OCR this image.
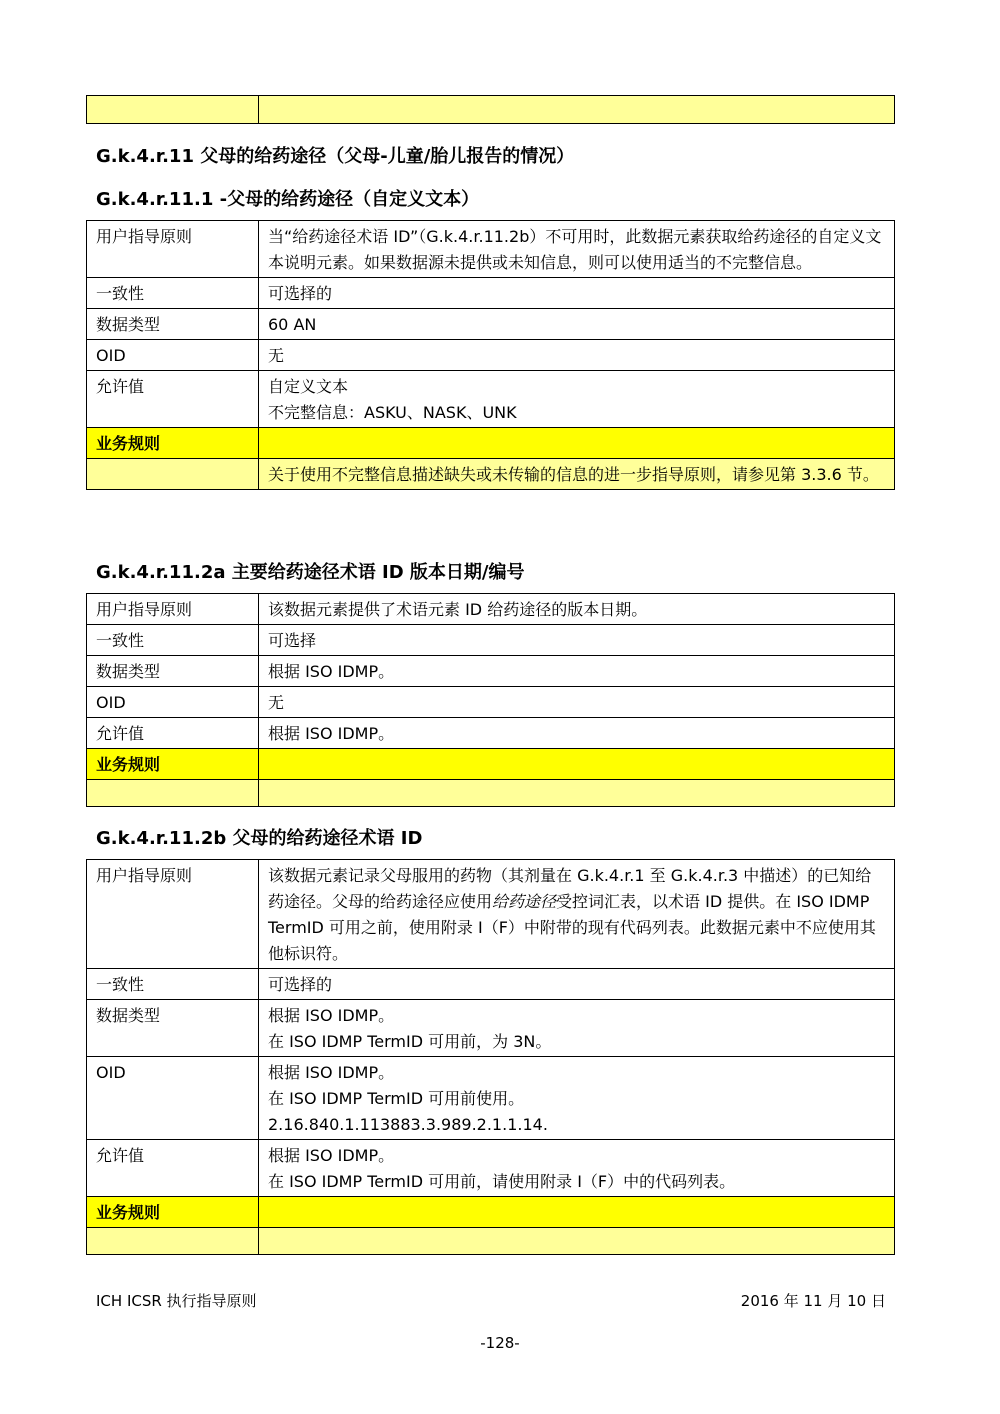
G.k.4.r.11 父母的给药途径（父母-儿童/胎儿报告的情况）

G.k.4.r.11.1 -父母的给药途径（自定义文本）

用户指导原则	当“给药途径术语 ID”（G.k.4.r.11.2b）不可用时，此数据元素获取给药途径的自定义文本说明元素。如果数据源未提供或未知信息，则可以使用适当的不完整信息。
一致性	可选择的
数据类型	60 AN
OID	无
允许值	自定义文本
不完整信息：ASKU、NASK、UNK

业务规则	
	关于使用不完整信息描述缺失或未传输的信息的进一步指导原则，请参见第 3.3.6 节。

G.k.4.r.11.2a 主要给药途径术语 ID 版本日期/编号

用户指导原则	该数据元素提供了术语元素 ID 给药途径的版本日期。
一致性	可选择
数据类型	根据 ISO IDMP。
OID	无
允许值	根据 ISO IDMP。
业务规则	

G.k.4.r.11.2b 父母的给药途径术语 ID

用户指导原则	该数据元素记录父母服用的药物（其剂量在 G.k.4.r.1 至 G.k.4.r.3 中描述）的已知给药途径。父母的给药途径应使用给药途径受控词汇表，以术语 ID 提供。在 ISO IDMP TermID 可用之前，使用附录 I（F）中附带的现有代码列表。此数据元素中不应使用其他标识符。
一致性	可选择的
数据类型	根据 ISO IDMP。
在 ISO IDMP TermID 可用前，为 3N。

OID	根据 ISO IDMP。
在 ISO IDMP TermID 可用前使用。
2.16.840.1.113883.3.989.2.1.1.14.

允许值	根据 ISO IDMP。
在 ISO IDMP TermID 可用前，请使用附录 I（F）中的代码列表。

业务规则	

ICH ICSR 执行指导原则	2016 年 11 月 10 日
-128-
